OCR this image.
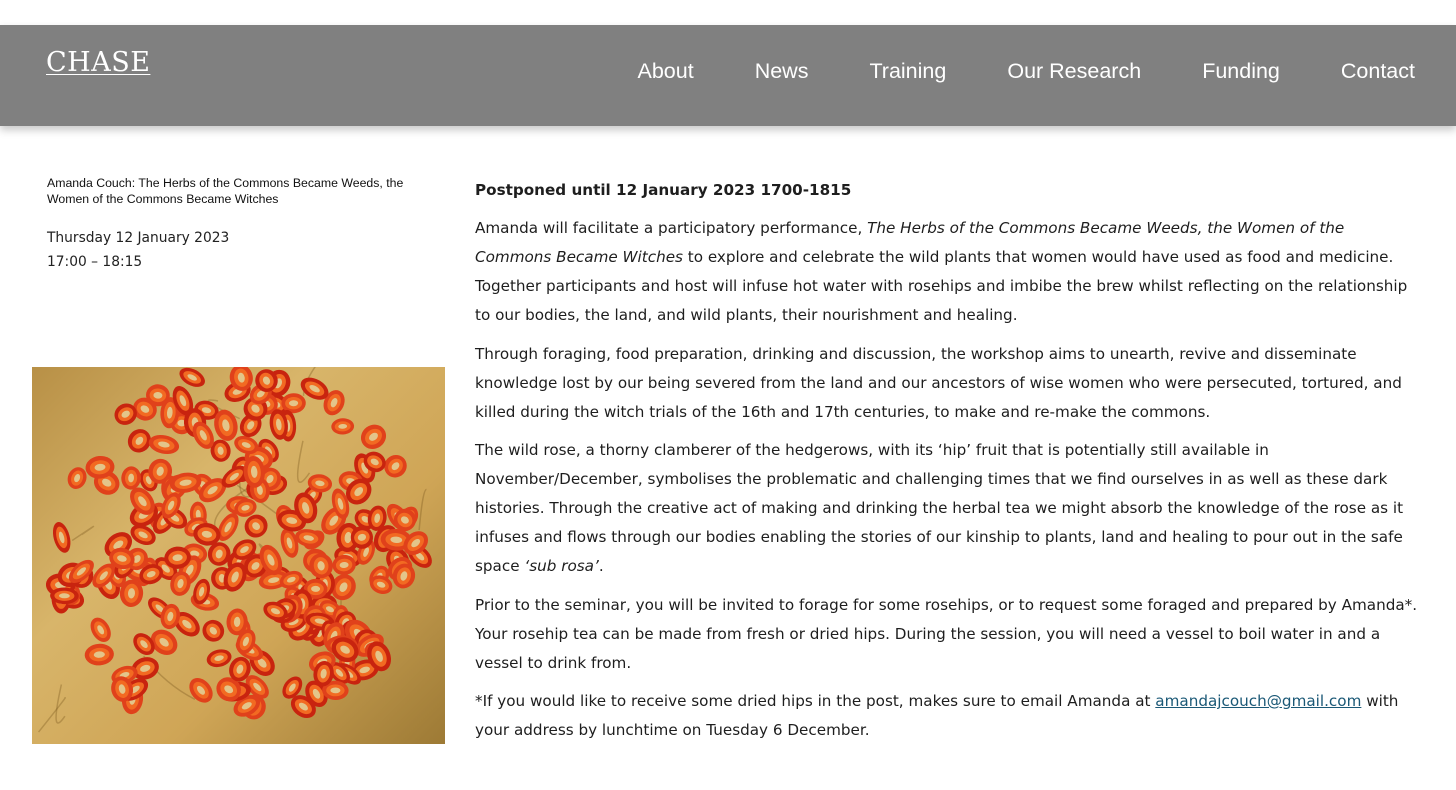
CHASE	About	News	Training	Our Research	Funding	Contact
Amanda Couch: The Herbs of the Commons Became Weeds, the Women of the Commons Became Witches
Thursday 12 January 2023
17:00 – 18:15

Postponed until 12 January 2023 1700-1815

Amanda will facilitate a participatory performance, The Herbs of the Commons Became Weeds, the Women of the Commons Became Witches to explore and celebrate the wild plants that women would have used as food and medicine. Together participants and host will infuse hot water with rosehips and imbibe the brew whilst reflecting on the relationship to our bodies, the land, and wild plants, their nourishment and healing.

Through foraging, food preparation, drinking and discussion, the workshop aims to unearth, revive and disseminate knowledge lost by our being severed from the land and our ancestors of wise women who were persecuted, tortured, and killed during the witch trials of the 16th and 17th centuries, to make and re-make the commons.

The wild rose, a thorny clamberer of the hedgerows, with its ‘hip’ fruit that is potentially still available in November/December, symbolises the problematic and challenging times that we find ourselves in as well as these dark histories. Through the creative act of making and drinking the herbal tea we might absorb the knowledge of the rose as it infuses and flows through our bodies enabling the stories of our kinship to plants, land and healing to pour out in the safe space ‘sub rosa’.

Prior to the seminar, you will be invited to forage for some rosehips, or to request some foraged and prepared by Amanda*. Your rosehip tea can be made from fresh or dried hips. During the session, you will need a vessel to boil water in and a vessel to drink from.

*If you would like to receive some dried hips in the post, makes sure to email Amanda at amandajcouch@gmail.com with your address by lunchtime on Tuesday 6 December.
